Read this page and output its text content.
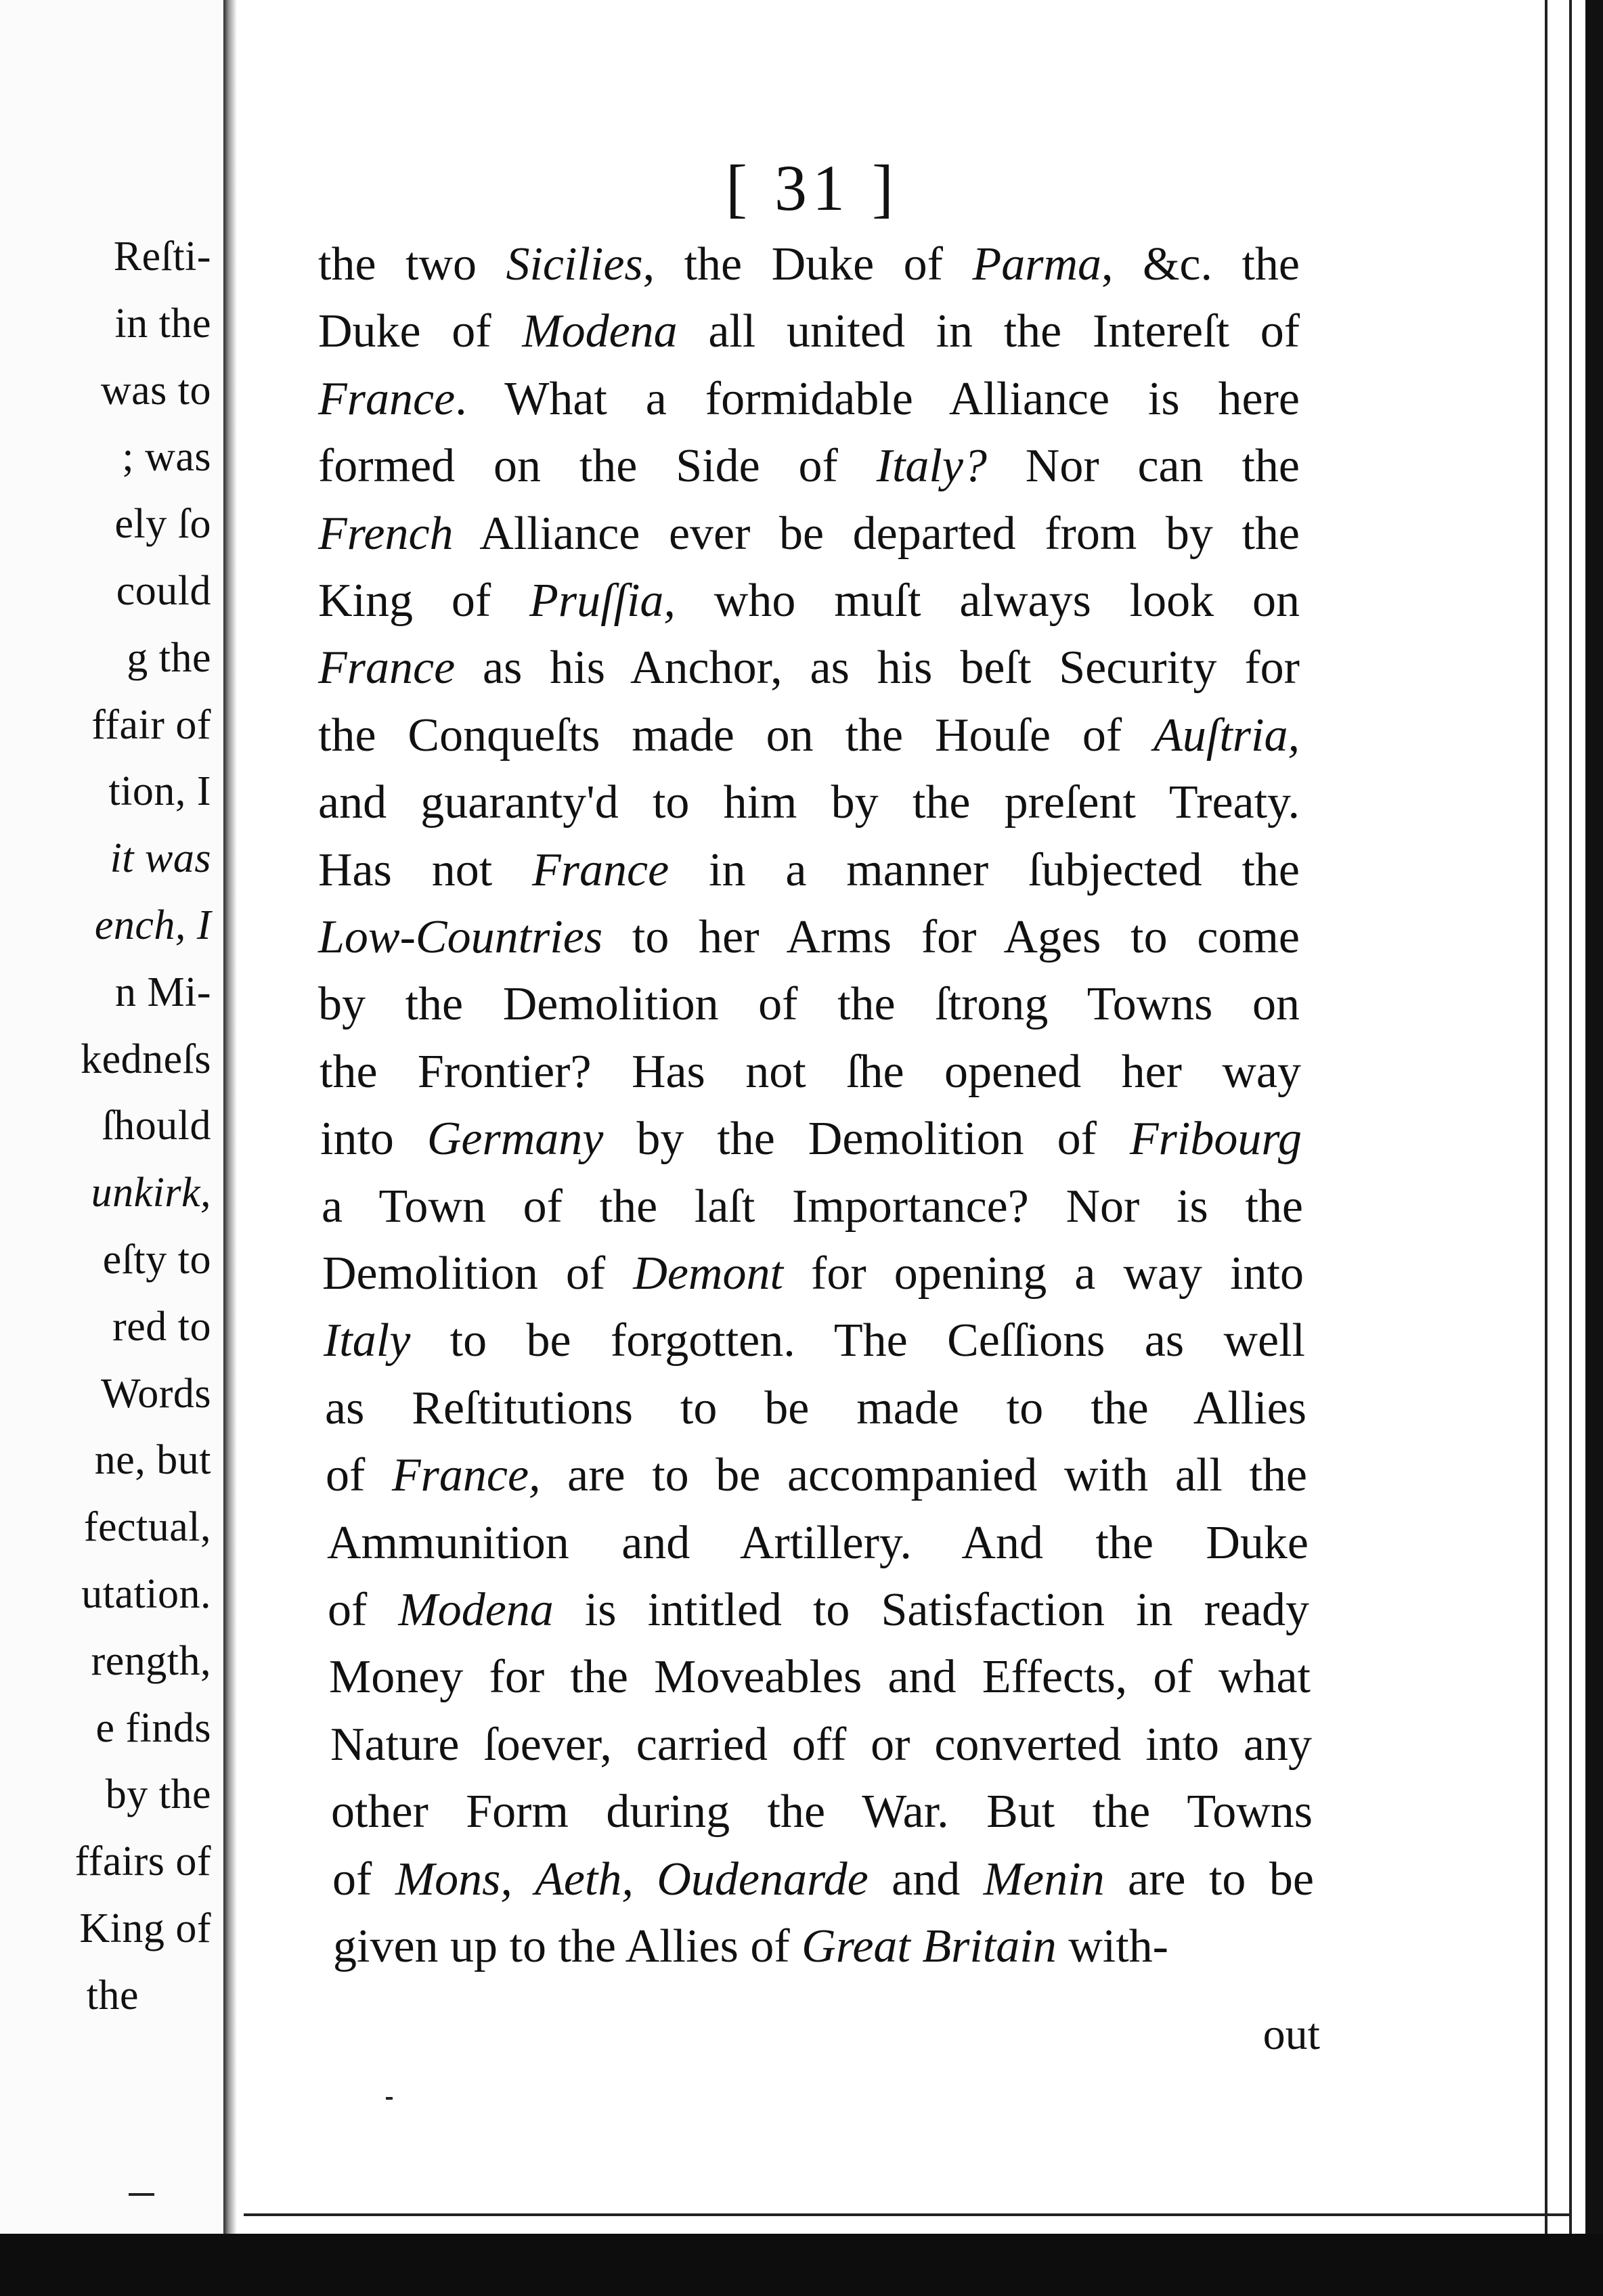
Reſti-
in the
was to
; was
ely ſo
could
g the
ffair of
tion, I
it was
ench, I
n Mi-
kedneſs
ſhould
unkirk,
eſty to
red to
Words
ne, but
fectual,
utation.
rength,
e finds
by the
ffairs of
King of
the
[ 31 ]
the two Sicilies, the Duke of Parma, &c. the
Duke of Modena all united in the Intereſt of
France. What a formidable Alliance is here
formed on the Side of Italy? Nor can the
French Alliance ever be departed from by the
King of Pruſſia, who muſt always look on
France as his Anchor, as his beſt Security for
the Conqueſts made on the Houſe of Auſtria,
and guaranty'd to him by the preſent Treaty.
Has not France in a manner ſubjected the
Low-Countries to her Arms for Ages to come
by the Demolition of the ſtrong Towns on
the Frontier? Has not ſhe opened her way
into Germany by the Demolition of Fribourg
a Town of the laſt Importance? Nor is the
Demolition of Demont for opening a way into
Italy to be forgotten. The Ceſſions as well
as Reſtitutions to be made to the Allies
of France, are to be accompanied with all the
Ammunition and Artillery. And the Duke
of Modena is intitled to Satisfaction in ready
Money for the Moveables and Effects, of what
Nature ſoever, carried off or converted into any
other Form during the War. But the Towns
of Mons, Aeth, Oudenarde and Menin are to be
given up to the Allies of Great Britain with-
out
